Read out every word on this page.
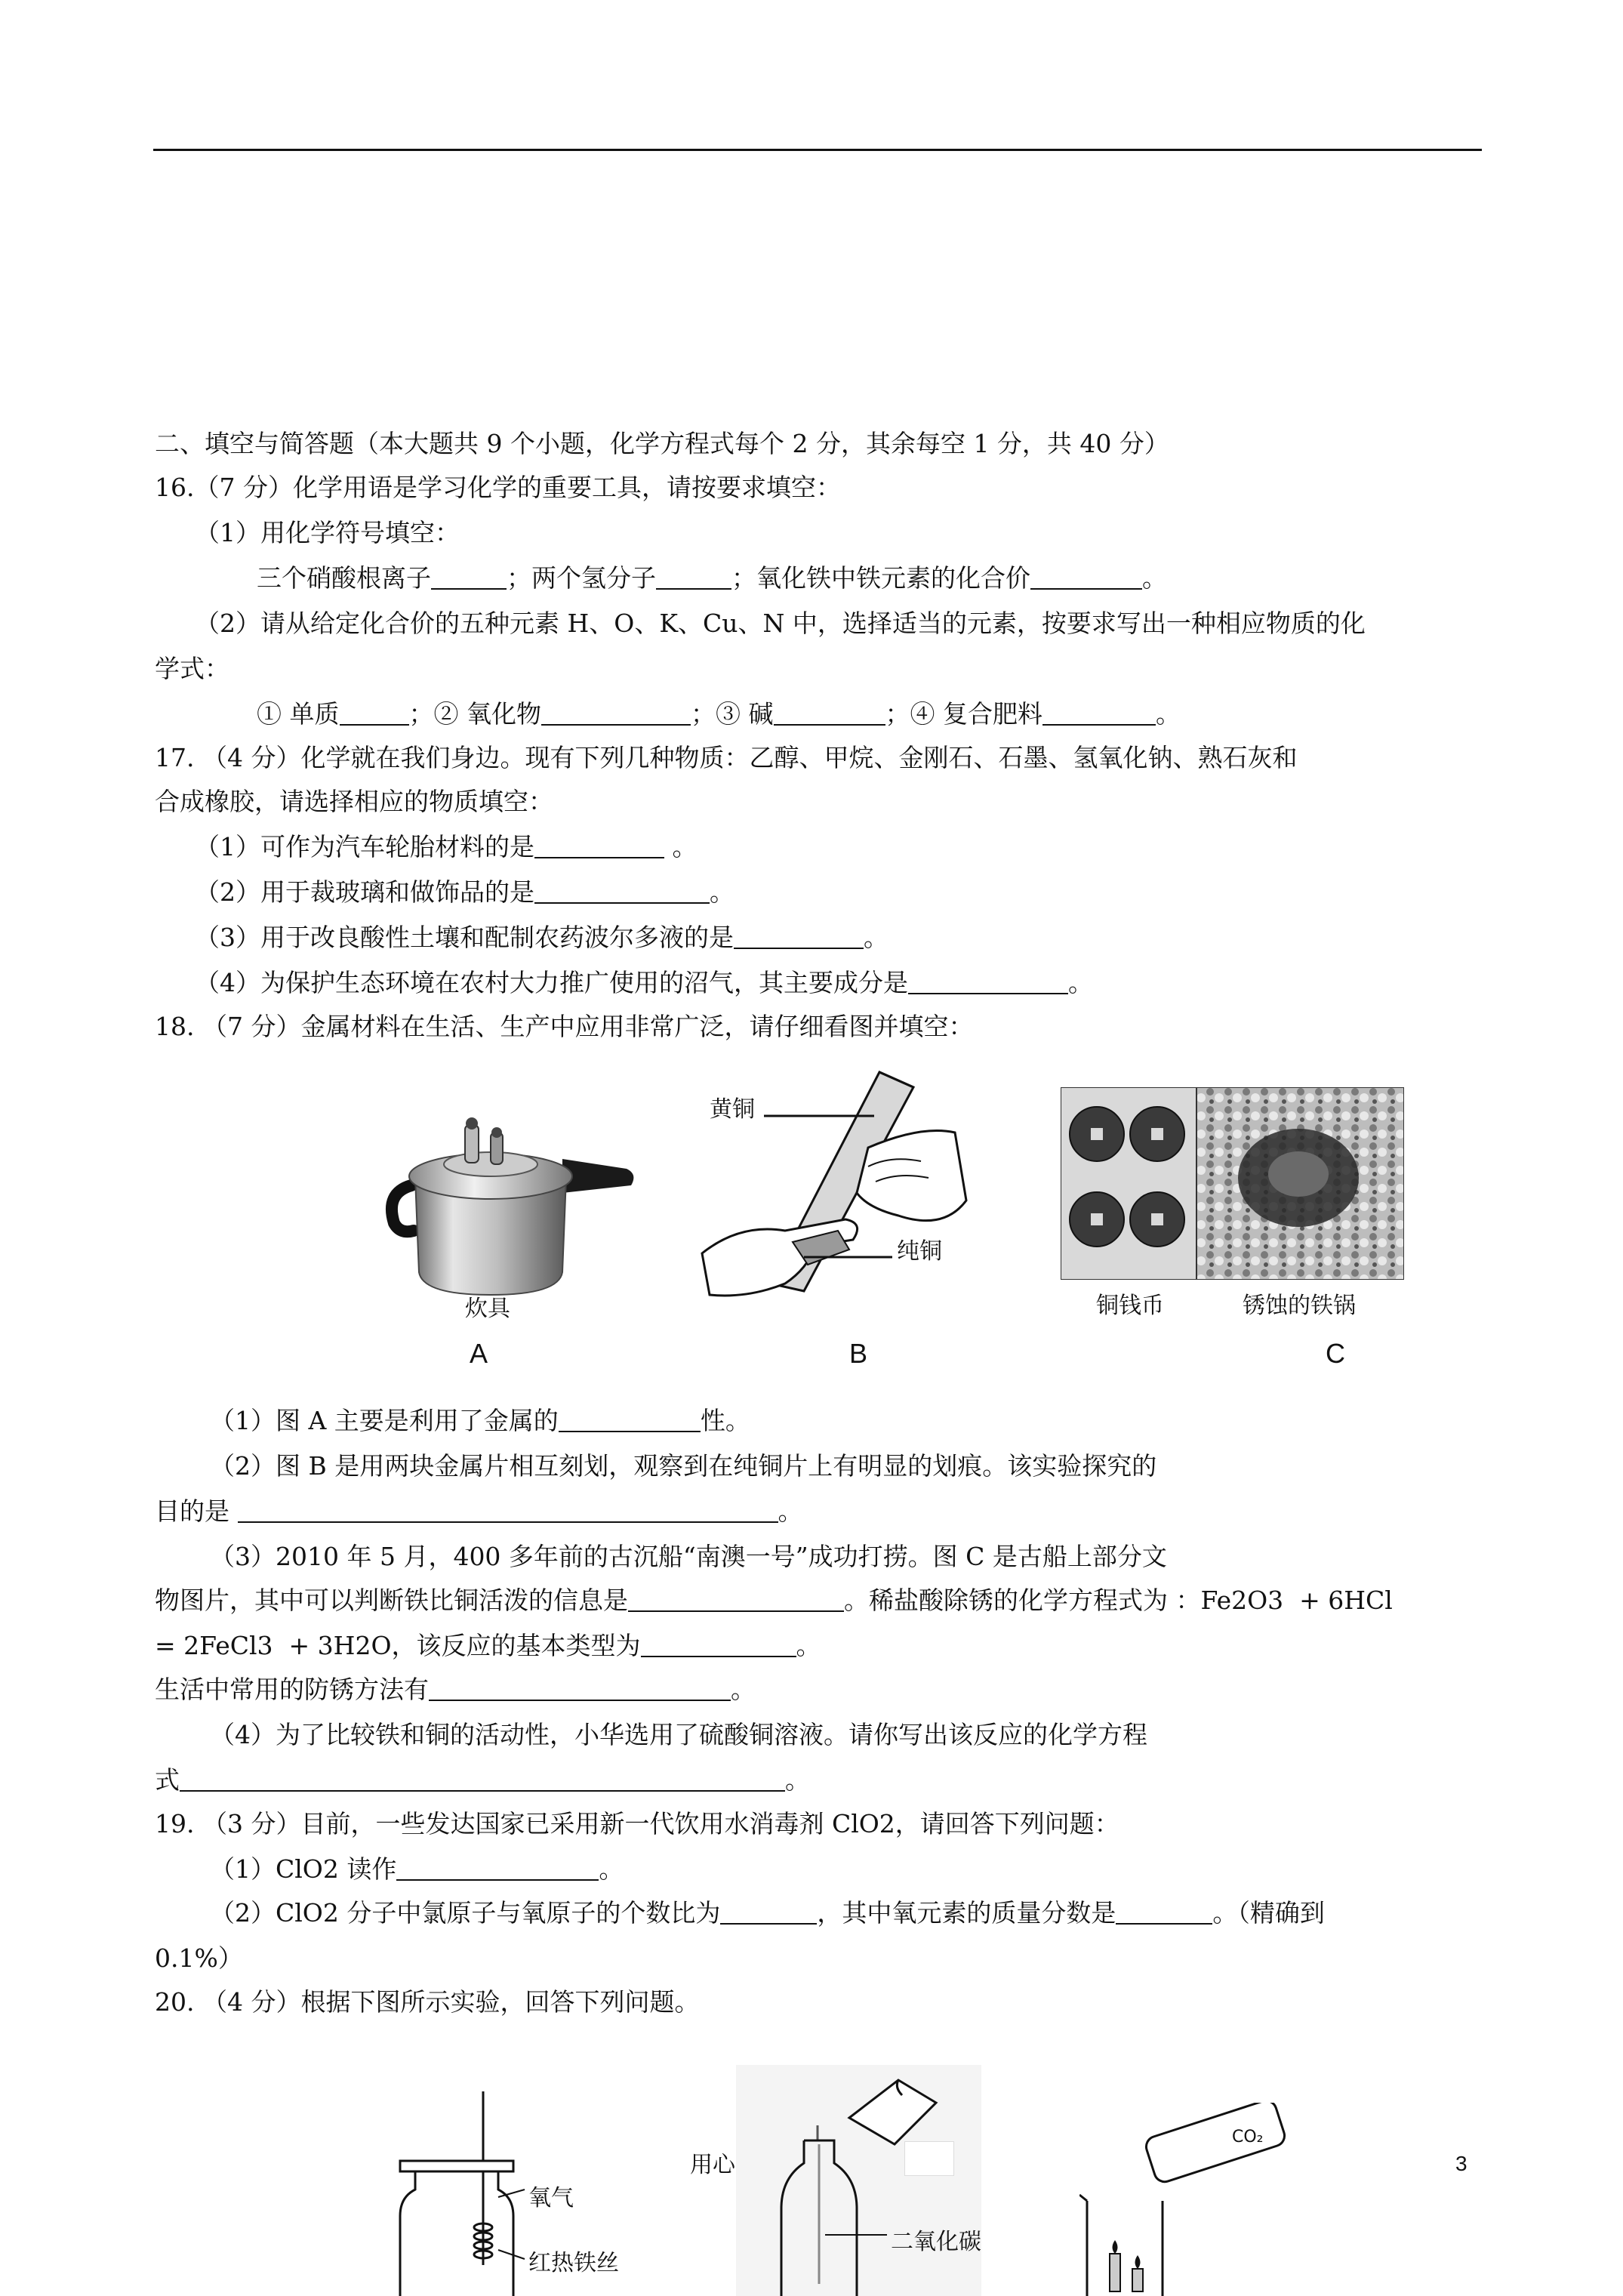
二、填空与简答题（本大题共 9 个小题，化学方程式每个 2 分，其余每空 1 分，共 40 分）
16.（7 分）化学用语是学习化学的重要工具，请按要求填空：
（1）用化学符号填空：
三个硝酸根离子	；两个氢分子	；氧化铁中铁元素的化合价	。
（2）请从给定化合价的五种元素 H、O、K、Cu、N 中，选择适当的元素，按要求写出一种相应物质的化
学式：
① 单质	；② 氧化物	；③ 碱	；④ 复合肥料	。
17. （4 分）化学就在我们身边。现有下列几种物质：乙醇、甲烷、金刚石、石墨、氢氧化钠、熟石灰和
合成橡胶，请选择相应的物质填空：
（1）可作为汽车轮胎材料的是	。
（2）用于裁玻璃和做饰品的是	。
（3）用于改良酸性土壤和配制农药波尔多液的是	。
（4）为保护生态环境在农村大力推广使用的沼气，其主要成分是	。
18. （7 分）金属材料在生活、生产中应用非常广泛，请仔细看图并填空：
炊具
A
黄铜
纯铜
B
铜钱币	锈蚀的铁锅
C
（1）图 A 主要是利用了金属的	性。
（2）图 B 是用两块金属片相互刻划，观察到在纯铜片上有明显的划痕。该实验探究的
目的是	。
（3）2010 年 5 月，400 多年前的古沉船“南澳一号”成功打捞。图 C 是古船上部分文
物图片，其中可以判断铁比铜活泼的信息是	。稀盐酸除锈的化学方程式为 ：Fe2O3  + 6HCl
= 2FeCl3  + 3H2O，该反应的基本类型为	。
生活中常用的防锈方法有	。
（4）为了比较铁和铜的活动性，小华选用了硫酸铜溶液。请你写出该反应的化学方程
式	。
19. （3 分）目前，一些发达国家已采用新一代饮用水消毒剂 ClO2，请回答下列问题：
（1）ClO2 读作	。
（2）ClO2 分子中氯原子与氧原子的个数比为	，其中氧元素的质量分数是	。（精确到
0.1%）
20. （4 分）根据下图所示实验，回答下列问题。
氧气
红热铁丝
二氧化碳
CO₂
用心	3
